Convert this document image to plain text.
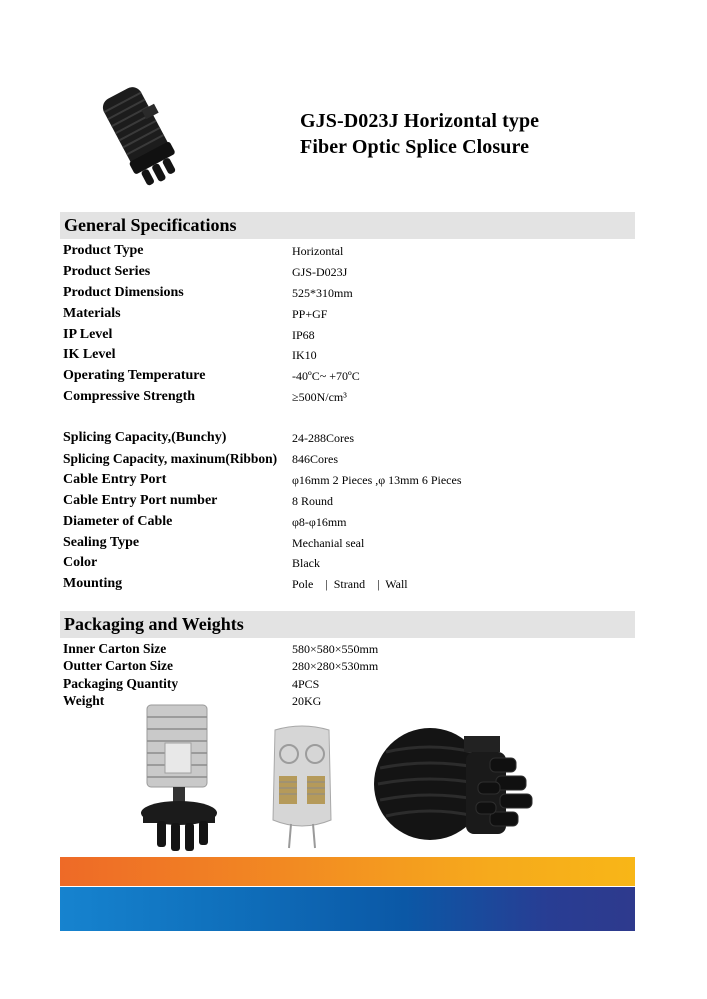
GJS-D023J Horizontal type
Fiber Optic Splice Closure
General Specifications
Product Type	Horizontal
Product Series	GJS-D023J
Product Dimensions	525*310mm
Materials	PP+GF
IP Level	IP68
IK Level	IK10
Operating Temperature	-40ºC~ +70ºC
Compressive Strength	≥500N/cm³
Splicing Capacity,(Bunchy)	24-288Cores
Splicing Capacity, maxinum(Ribbon)	846Cores
Cable Entry Port	φ16mm 2 Pieces ,φ 13mm 6 Pieces
Cable Entry Port number	8 Round
Diameter of Cable	φ8-φ16mm
Sealing Type	Mechanial seal
Color	Black
Mounting	Pole    |  Strand    |  Wall
Packaging and Weights
Inner Carton Size	580×580×550mm
Outter Carton Size	280×280×530mm
Packaging Quantity	4PCS
Weight	20KG
